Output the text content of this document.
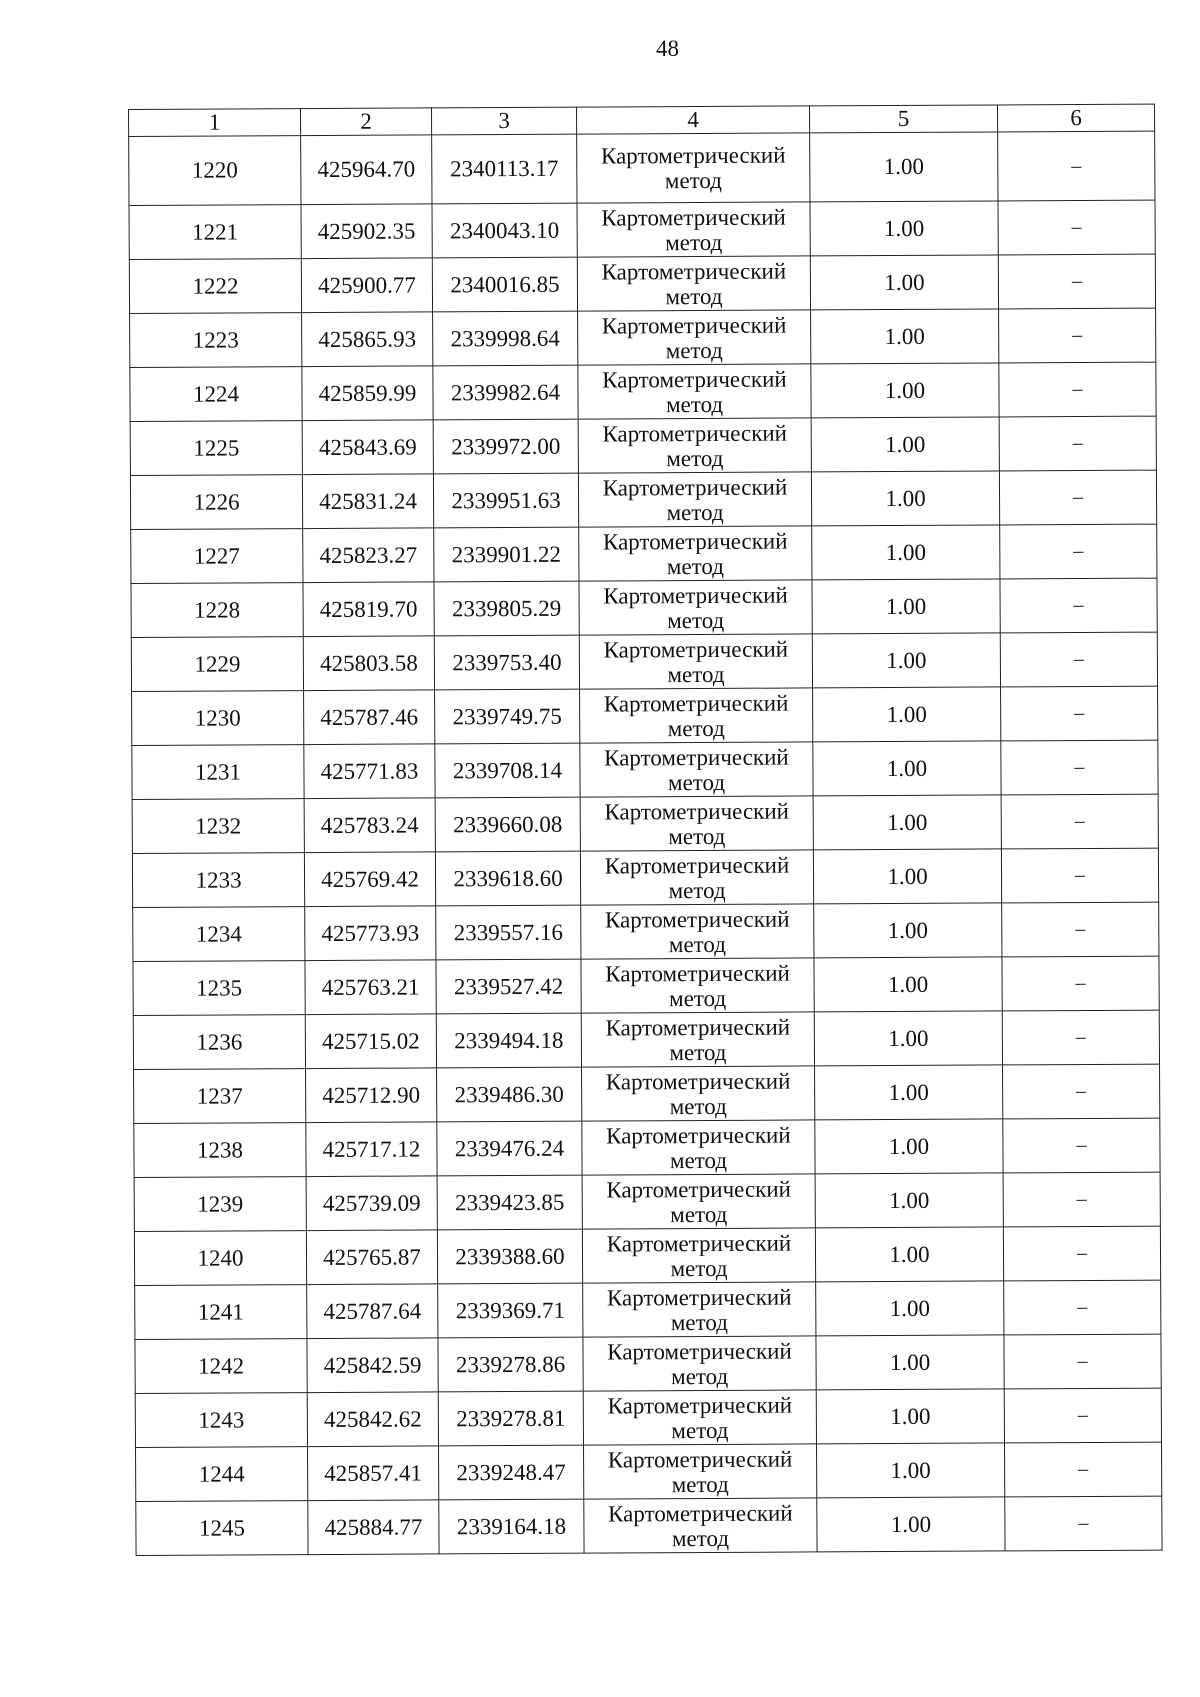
48
1	2	3	4	5	6
1220	425964.70	2340113.17	Картометрический метод	1.00	–
1221	425902.35	2340043.10	Картометрический метод	1.00	–
1222	425900.77	2340016.85	Картометрический метод	1.00	–
1223	425865.93	2339998.64	Картометрический метод	1.00	–
1224	425859.99	2339982.64	Картометрический метод	1.00	–
1225	425843.69	2339972.00	Картометрический метод	1.00	–
1226	425831.24	2339951.63	Картометрический метод	1.00	–
1227	425823.27	2339901.22	Картометрический метод	1.00	–
1228	425819.70	2339805.29	Картометрический метод	1.00	–
1229	425803.58	2339753.40	Картометрический метод	1.00	–
1230	425787.46	2339749.75	Картометрический метод	1.00	–
1231	425771.83	2339708.14	Картометрический метод	1.00	–
1232	425783.24	2339660.08	Картометрический метод	1.00	–
1233	425769.42	2339618.60	Картометрический метод	1.00	–
1234	425773.93	2339557.16	Картометрический метод	1.00	–
1235	425763.21	2339527.42	Картометрический метод	1.00	–
1236	425715.02	2339494.18	Картометрический метод	1.00	–
1237	425712.90	2339486.30	Картометрический метод	1.00	–
1238	425717.12	2339476.24	Картометрический метод	1.00	–
1239	425739.09	2339423.85	Картометрический метод	1.00	–
1240	425765.87	2339388.60	Картометрический метод	1.00	–
1241	425787.64	2339369.71	Картометрический метод	1.00	–
1242	425842.59	2339278.86	Картометрический метод	1.00	–
1243	425842.62	2339278.81	Картометрический метод	1.00	–
1244	425857.41	2339248.47	Картометрический метод	1.00	–
1245	425884.77	2339164.18	Картометрический метод	1.00	–
